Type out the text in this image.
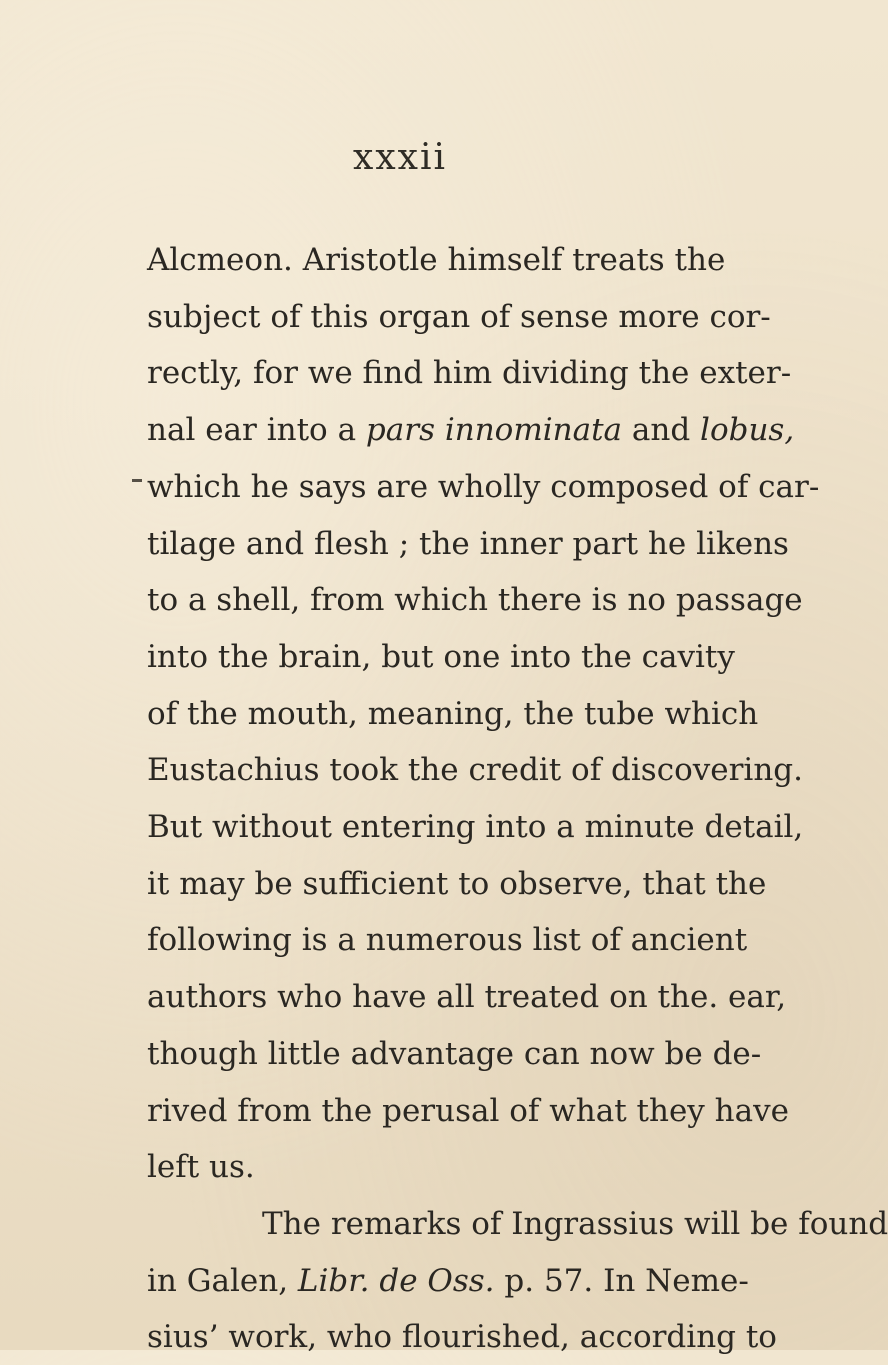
xxxii
Alcmeon. Aristotle himself treats the
subject of this organ of sense more cor-
rectly, for we find him dividing the exter-
nal ear into a pars innominata and lobus,
which he says are wholly composed of car-
tilage and flesh ; the inner part he likens
to a shell, from which there is no passage
into the brain, but one into the cavity
of the mouth, meaning, the tube which
Eustachius took the credit of discovering.
But without entering into a minute detail,
it may be sufficient to observe, that the
following is a numerous list of ancient
authors who have all treated on the. ear,
though little advantage can now be de-
rived from the perusal of what they have
left us.
The remarks of Ingrassius will be found
in Galen, Libr. de Oss. p. 57. In Neme-
sius’ work, who flourished, according to
